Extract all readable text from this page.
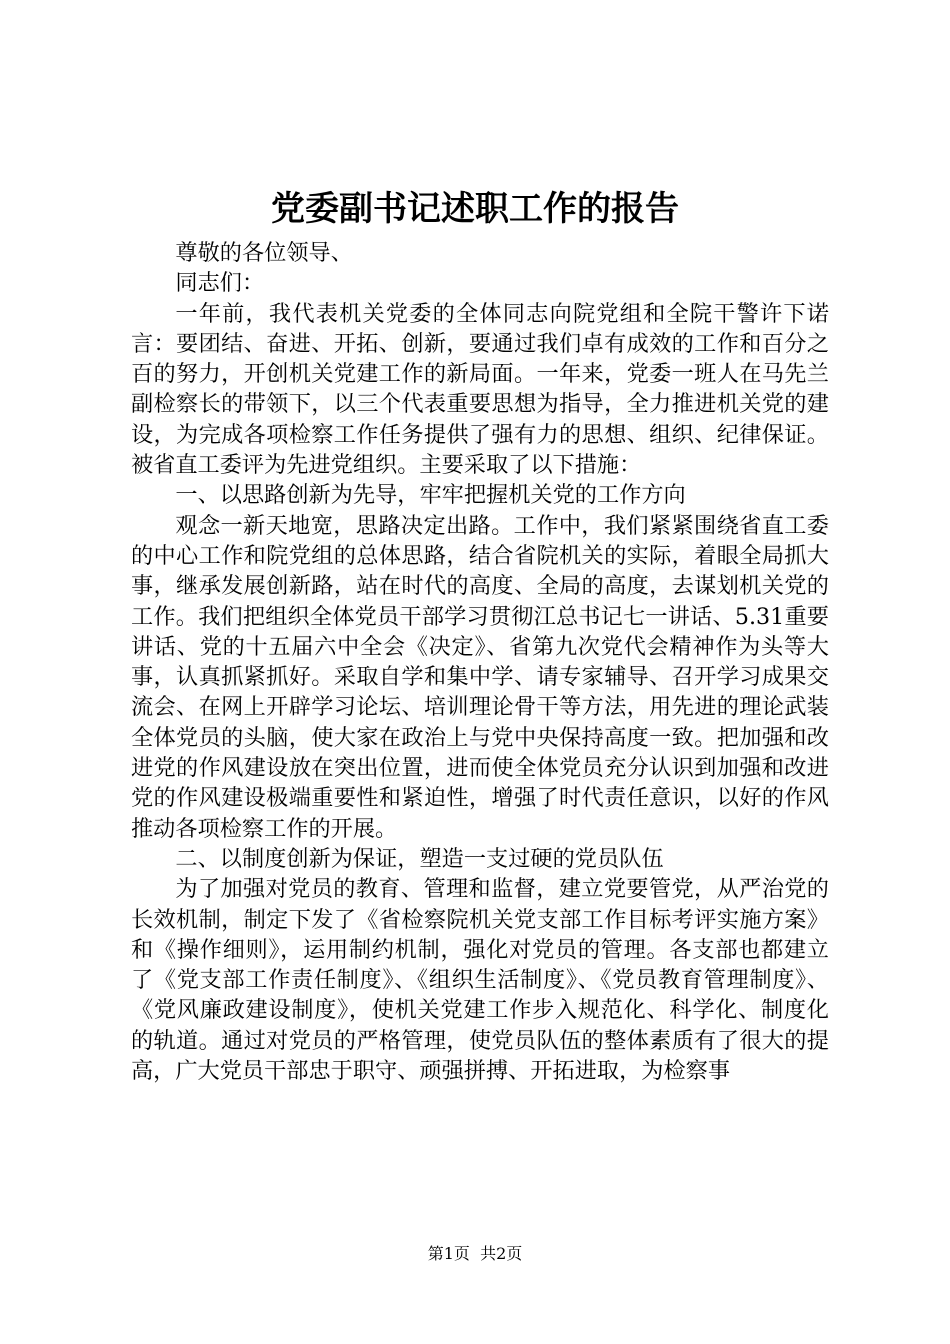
党委副书记述职工作的报告

尊敬的各位领导、

同志们：

一年前，我代表机关党委的全体同志向院党组和全院干警许下诺言：要团结、奋进、开拓、创新，要通过我们卓有成效的工作和百分之百的努力，开创机关党建工作的新局面。一年来，党委一班人在马先兰副检察长的带领下，以三个代表重要思想为指导，全力推进机关党的建设，为完成各项检察工作任务提供了强有力的思想、组织、纪律保证。被省直工委评为先进党组织。主要采取了以下措施：

一、以思路创新为先导，牢牢把握机关党的工作方向

观念一新天地宽，思路决定出路。工作中，我们紧紧围绕省直工委的中心工作和院党组的总体思路，结合省院机关的实际，着眼全局抓大事，继承发展创新路，站在时代的高度、全局的高度，去谋划机关党的工作。我们把组织全体党员干部学习贯彻江总书记七一讲话、5.31重要讲话、党的十五届六中全会《决定》、省第九次党代会精神作为头等大事，认真抓紧抓好。采取自学和集中学、请专家辅导、召开学习成果交流会、在网上开辟学习论坛、培训理论骨干等方法，用先进的理论武装全体党员的头脑，使大家在政治上与党中央保持高度一致。把加强和改进党的作风建设放在突出位置，进而使全体党员充分认识到加强和改进党的作风建设极端重要性和紧迫性，增强了时代责任意识，以好的作风推动各项检察工作的开展。

二、以制度创新为保证，塑造一支过硬的党员队伍

为了加强对党员的教育、管理和监督，建立党要管党，从严治党的长效机制，制定下发了《省检察院机关党支部工作目标考评实施方案》和《操作细则》，运用制约机制，强化对党员的管理。各支部也都建立了《党支部工作责任制度》、《组织生活制度》、《党员教育管理制度》、《党风廉政建设制度》，使机关党建工作步入规范化、科学化、制度化的轨道。通过对党员的严格管理，使党员队伍的整体素质有了很大的提高，广大党员干部忠于职守、顽强拼搏、开拓进取，为检察事

第1页 共2页
